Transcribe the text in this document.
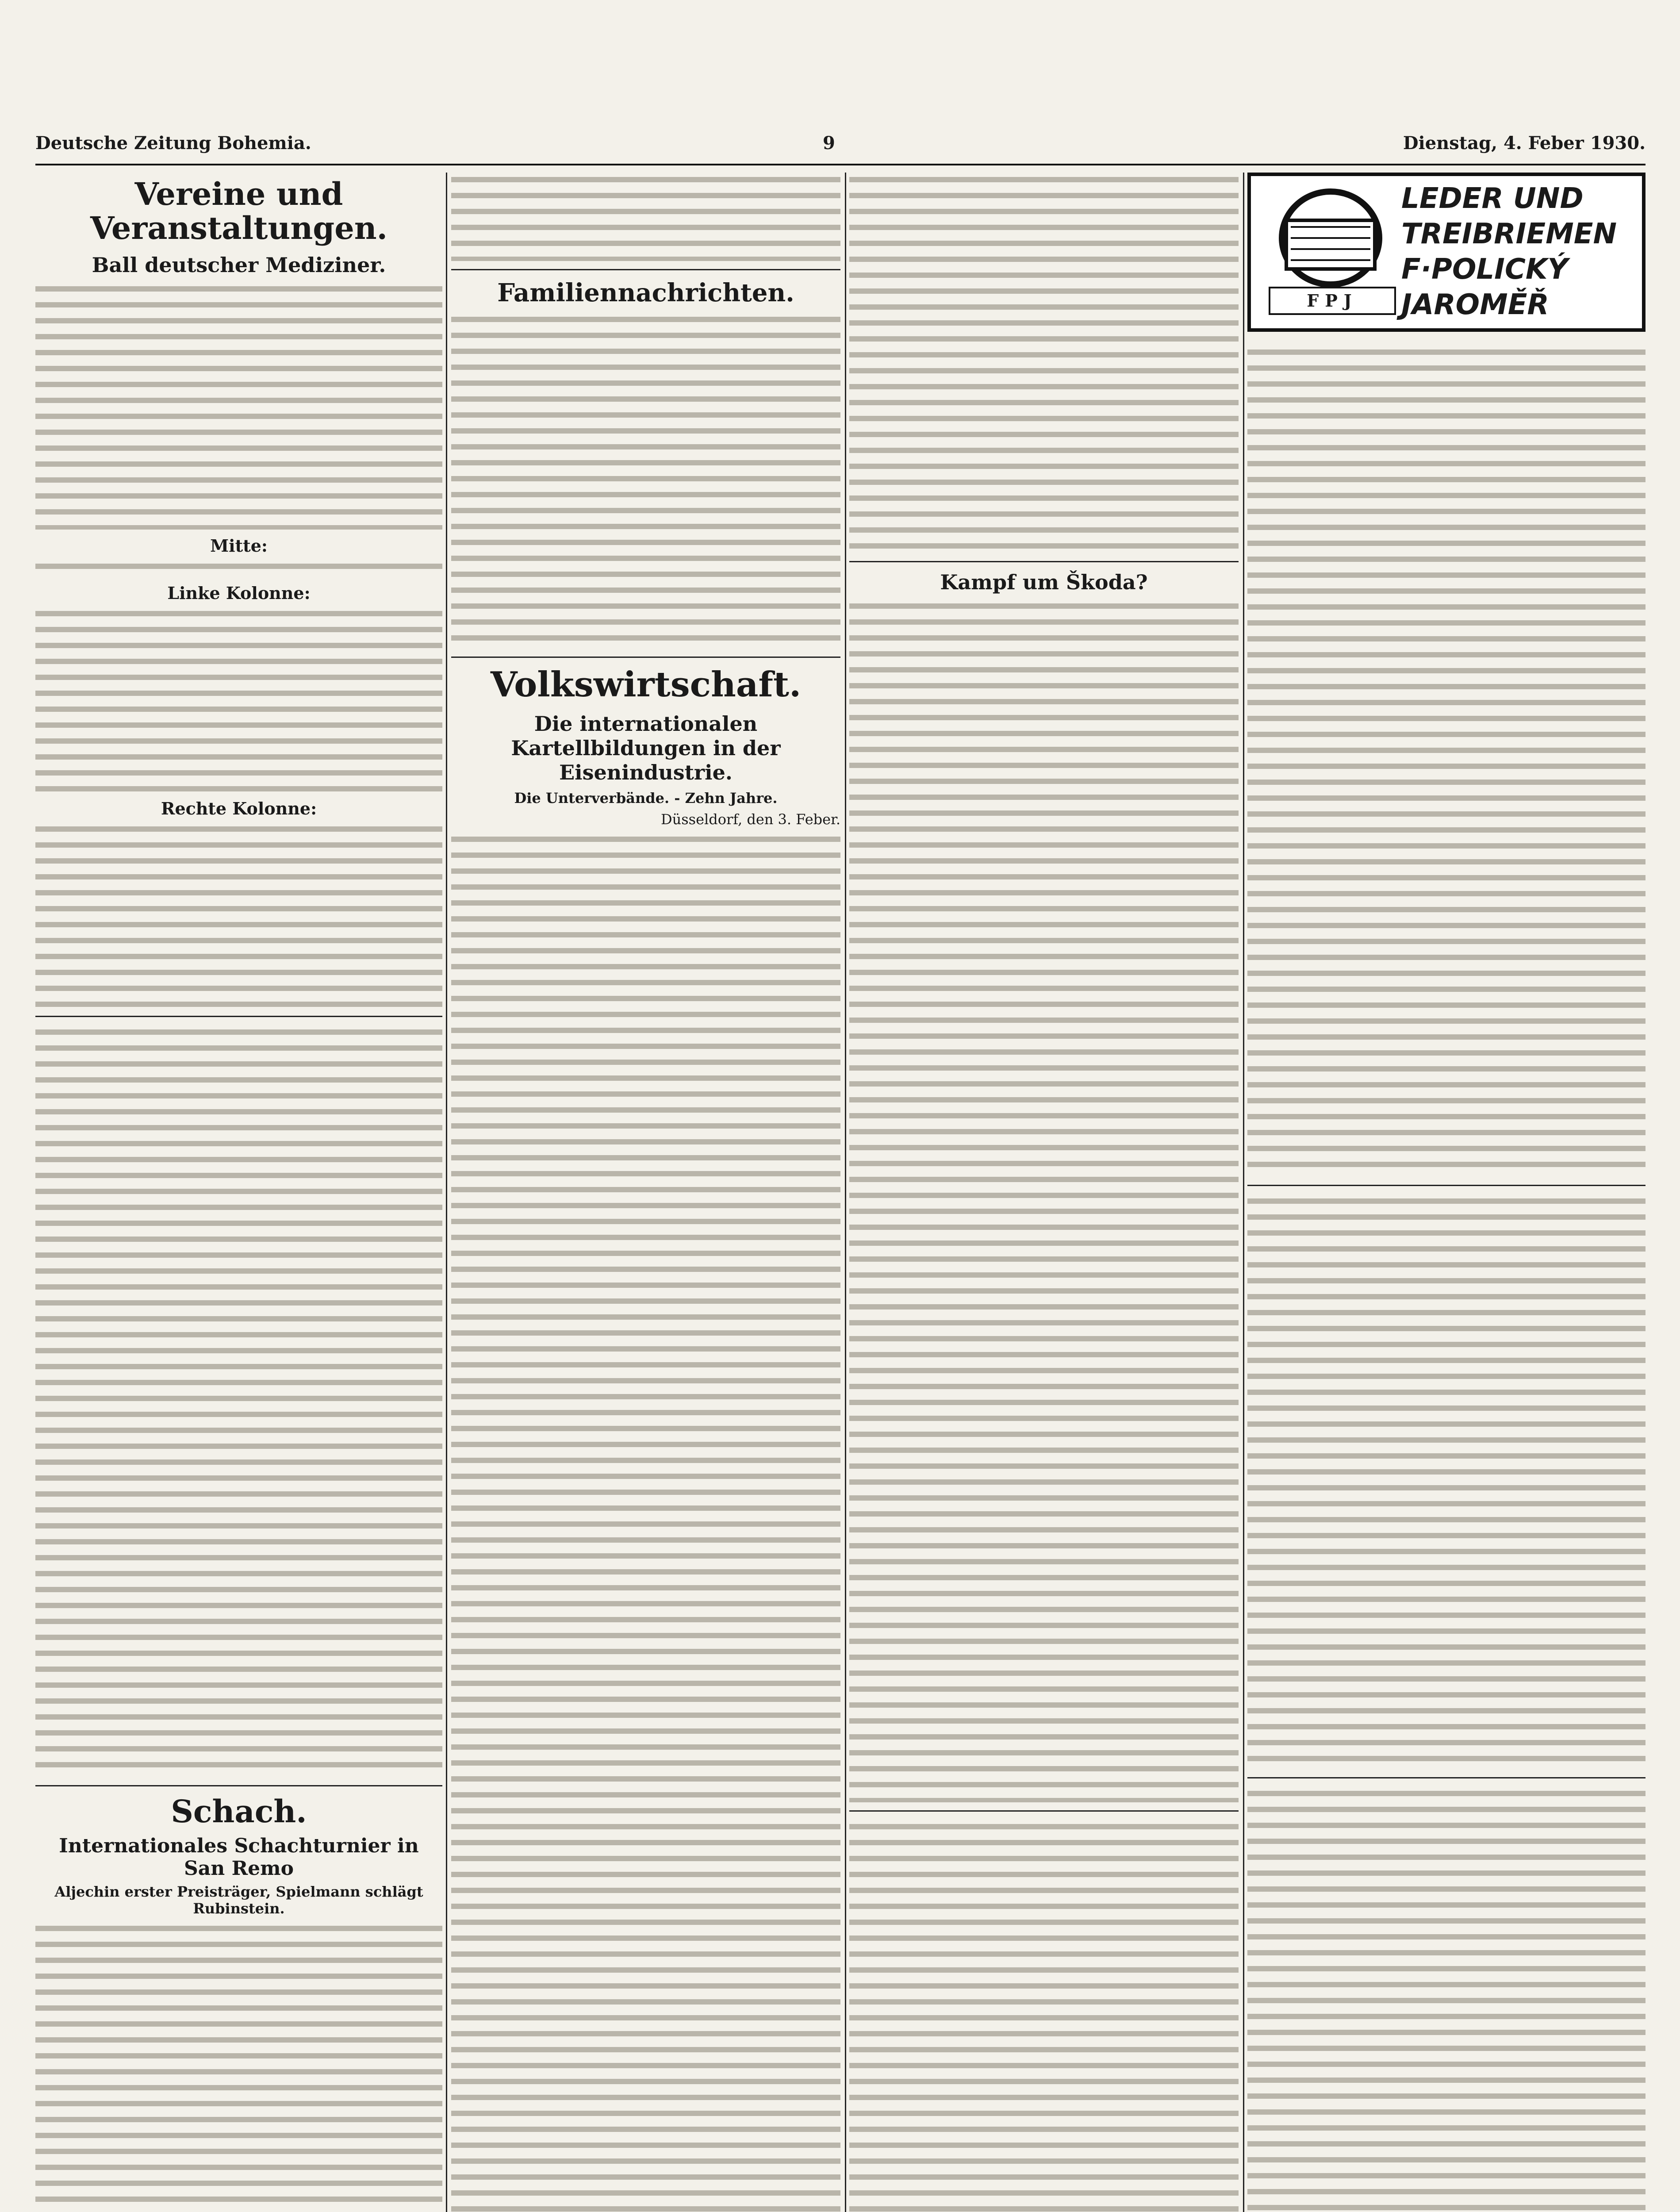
Deutsche Zeitung Bohemia.	9	Dienstag, 4. Feber 1930.
Vereine und Veranstaltungen.
Ball deutscher Mediziner.
Mitte:
Linke Kolonne:
Rechte Kolonne:
Schach.
Internationales Schachturnier in San Remo
Aljechin erster Preisträger, Spielmann schlägt Rubinstein.
Familiennachrichten.
Volkswirtschaft.
Die internationalen Kartellbildungen in der Eisenindustrie.
Die Unterverbände. - Zehn Jahre.
Düsseldorf, den 3. Feber.
Kampf um Škoda?
FPJ
LEDER UND
TREIBRIEMEN
F·POLICKÝ
JAROMĚŘ
